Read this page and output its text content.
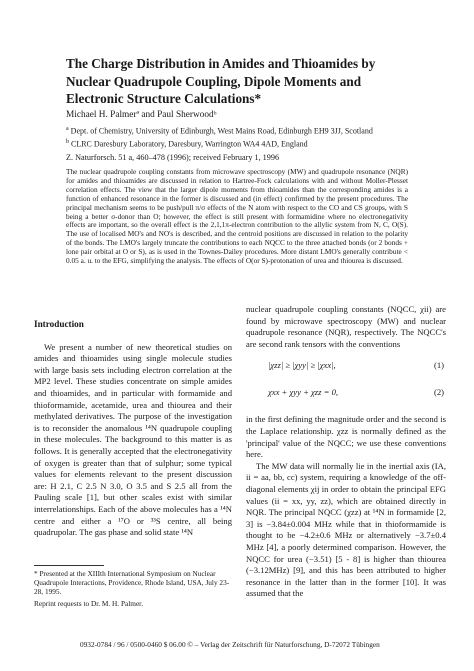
The Charge Distribution in Amides and Thioamides by Nuclear Quadrupole Coupling, Dipole Moments and Electronic Structure Calculations*
Michael H. Palmerª and Paul Sherwoodᵇ
$^a$ Dept. of Chemistry, University of Edinburgh, West Mains Road, Edinburgh EH9 3JJ, Scotland
$^b$ CLRC Daresbury Laboratory, Daresbury, Warrington WA4 4AD, England
Z. Naturforsch. 51 a, 460–478 (1996); received February 1, 1996
The nuclear quadrupole coupling constants from microwave spectroscopy (MW) and quadrupole resonance (NQR) for amides and thioamides are discussed in relation to Hartree-Fock calculations with and without Moller-Plesset correlation effects. The view that the larger dipole moments from thioamides than the corresponding amides is a function of enhanced resonance in the former is discussed and (in effect) confirmed by the present procedures. The principal mechanism seems to be push/pull π/σ effects of the N atom with respect to the CO and CS groups, with S being a better σ-donor than O; however, the effect is still present with formamidine where no electronegativity effects are important, so the overall effect is the 2,1,1π-electron contribution to the allylic system from N, C, O(S). The use of localised MO's and NO's is described, and the centroid positions are discussed in relation to the polarity of the bonds. The LMO's largely truncate the contributions to each NQCC to the three attached bonds (or 2 bonds + lone pair orbital at O or S), as is used in the Townes-Dailey procedures. More distant LMO's generally contribute < 0.05 a. u. to the EFG, simplifying the analysis. The effects of O(or S)-protonation of urea and thiourea is discussed.
Introduction

We present a number of new theoretical studies on amides and thioamides using single molecule studies with large basis sets including electron correlation at the MP2 level. These studies concentrate on simple amides and thioamides, and in particular with formamide and thioformamide, acetamide, urea and thiourea and their methylated derivatives. The purpose of the investigation is to reconsider the anomalous ¹⁴N quadrupole coupling in these molecules. The background to this matter is as follows. It is generally accepted that the electronegativity of oxygen is greater than that of sulphur; some typical values for elements relevant to the present discussion are: H 2.1, C 2.5 N 3.0, O 3.5 and S 2.5 all from the Pauling scale [1], but other scales exist with similar interrelationships. Each of the above molecules has a ¹⁴N centre and either a ¹⁷O or ³³S centre, all being quadrupolar. The gas phase and solid state ¹⁴N

nuclear quadrupole coupling constants (NQCC, χii) are found by microwave spectroscopy (MW) and nuclear quadrupole resonance (NQR), respectively. The NQCC's are second rank tensors with the conventions

|χzz| ≥ |χyy| ≥ |χxx|,	(1)
χxx + χyy + χzz = 0,	(2)

in the first defining the magnitude order and the second is the Laplace relationship. χzz is normally defined as the 'principal' value of the NQCC; we use these conventions here.

The MW data will normally lie in the inertial axis (IA, ii = aa, bb, cc) system, requiring a knowledge of the off-diagonal elements χij in order to obtain the principal EFG values (ii = xx, yy, zz), which are obtained directly in NQR. The principal NQCC (χzz) at ¹⁴N in formamide [2, 3] is −3.84±0.004 MHz while that in thioformamide is thought to be −4.2±0.6 MHz or alternatively −3.7±0.4 MHz [4], a poorly determined comparison. However, the NQCC for urea (−3.51) [5 - 8] is higher than thiourea (−3.12MHz) [9], and this has been attributed to higher resonance in the latter than in the former [10]. It was assumed that the

* Presented at the XIIIth International Symposium on Nuclear Quadrupole Interactions, Providence, Rhode Island, USA, July 23-28, 1995.
Reprint requests to Dr. M. H. Palmer.
0932-0784 / 96 / 0500-0460 $ 06.00 © – Verlag der Zeitschrift für Naturforschung, D-72072 Tübingen
